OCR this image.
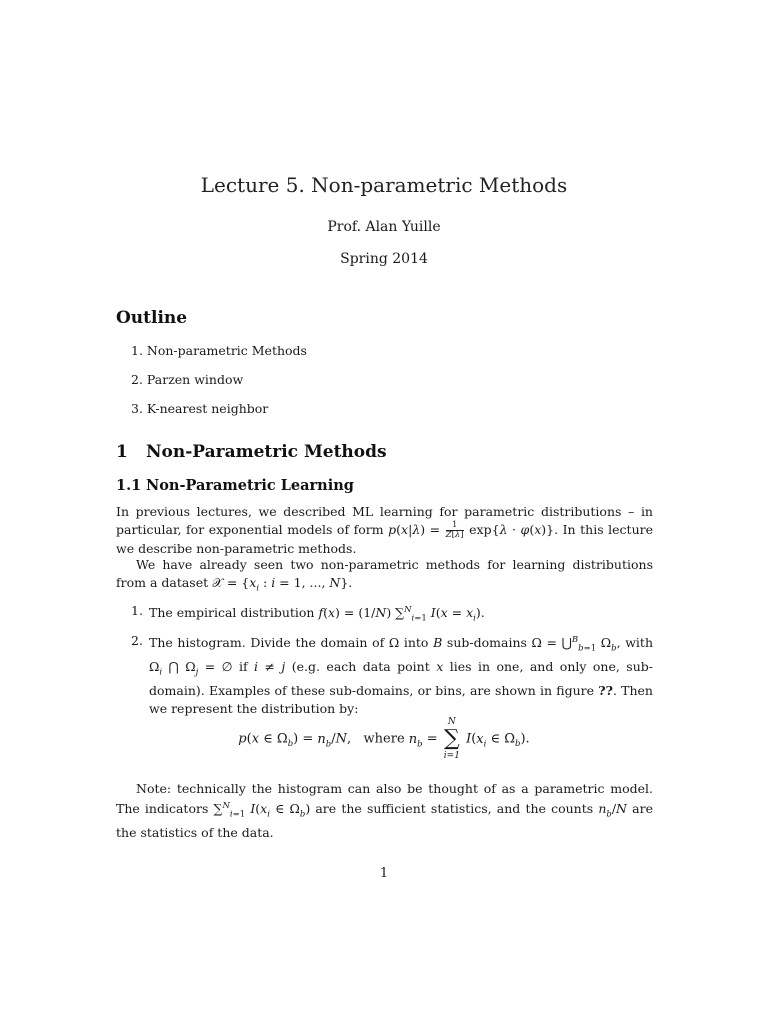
Lecture 5. Non-parametric Methods
Prof. Alan Yuille
Spring 2014
Outline
1. Non-parametric Methods
2. Parzen window
3. K-nearest neighbor
1 Non-Parametric Methods
1.1 Non-Parametric Learning

In previous lectures, we described ML learning for parametric distributions – in particular, for exponential models of form $p(x|\lambda) = \frac{1}{Z[\lambda]} \exp\{\lambda \cdot \varphi(x)\}$. In this lecture we describe non-parametric methods.

We have already seen two non-parametric methods for learning distributions from a dataset 𝒳 = {$x_i$ : i = 1, ..., N}.

1. The empirical distribution f(x) = (1/N) ∑$^N_{i=1}$ $I(x = x_i)$.
2. The histogram. Divide the domain of Ω into B sub-domains Ω = ⋃$^B_{b=1}$ $\Omega_b$, with $\Omega_i$ ⋂ $\Omega_j$ = ∅ if i ≠ j (e.g. each data point x lies in one, and only one, sub-domain). Examples of these sub-domains, or bins, are shown in figure ??. Then we represent the distribution by:
p(x ∈ $\Omega_b) = n_b/N$,   where $n_b$ =
N
∑
i=1
$I(x_i$ ∈ $\Omega_b$).

Note: technically the histogram can also be thought of as a parametric model. The indicators ∑$^N_{i=1}$ $I(x_i$ ∈ $\Omega_b$) are the sufficient statistics, and the counts $n_b/N$ are the statistics of the data.

1
